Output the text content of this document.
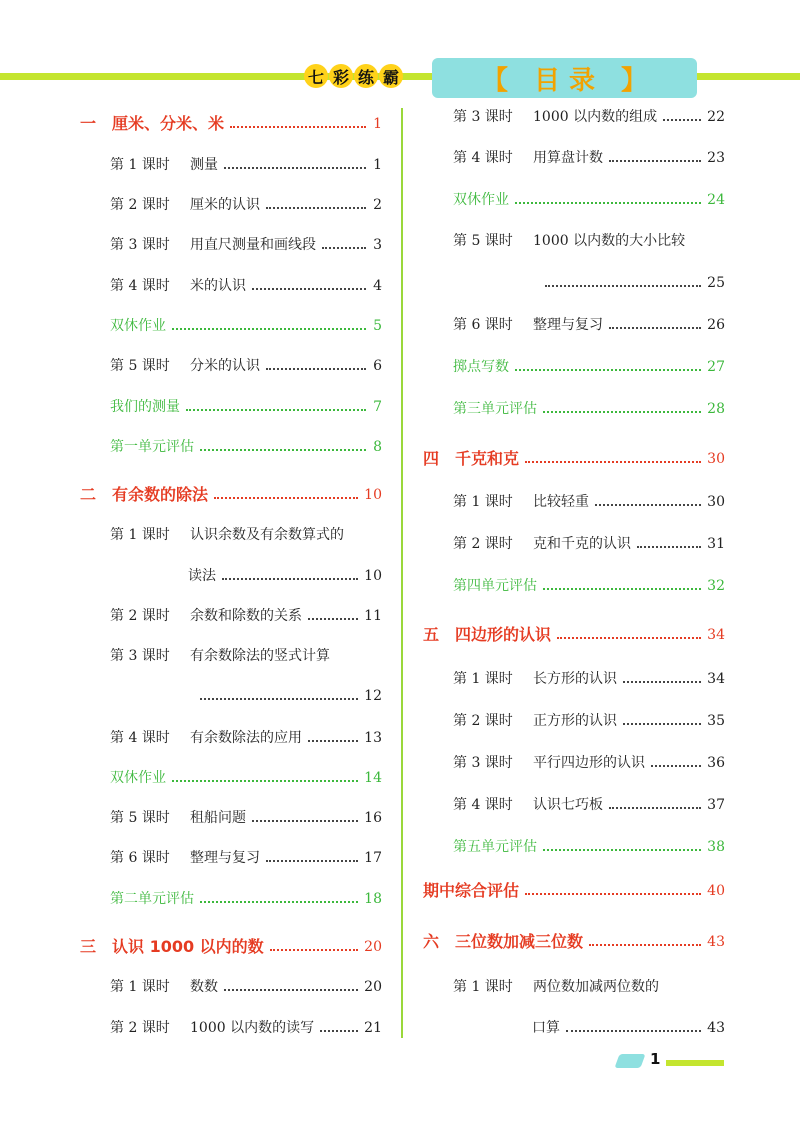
七 彩 练 霸	【 目 录 】
一 厘米、分米、米	1
第 1 课时	测量	1
第 2 课时	厘米的认识	2
第 3 课时	用直尺测量和画线段	3
第 4 课时	米的认识	4
双休作业	5
第 5 课时	分米的认识	6
我们的测量	7
第一单元评估	8
二 有余数的除法	10
第 1 课时	认识余数及有余数算式的
读法	10
第 2 课时	余数和除数的关系	11
第 3 课时	有余数除法的竖式计算
12
第 4 课时	有余数除法的应用	13
双休作业	14
第 5 课时	租船问题	16
第 6 课时	整理与复习	17
第二单元评估	18
三 认识 1000 以内的数	20
第 1 课时	数数	20
第 2 课时	1000 以内数的读写	21
第 3 课时	1000 以内数的组成	22
第 4 课时	用算盘计数	23
双休作业	24
第 5 课时	1000 以内数的大小比较
25
第 6 课时	整理与复习	26
掷点写数	27
第三单元评估	28
四 千克和克	30
第 1 课时	比较轻重	30
第 2 课时	克和千克的认识	31
第四单元评估	32
五 四边形的认识	34
第 1 课时	长方形的认识	34
第 2 课时	正方形的认识	35
第 3 课时	平行四边形的认识	36
第 4 课时	认识七巧板	37
第五单元评估	38
期中综合评估	40
六 三位数加减三位数	43
第 1 课时	两位数加减两位数的
口算	43
1
